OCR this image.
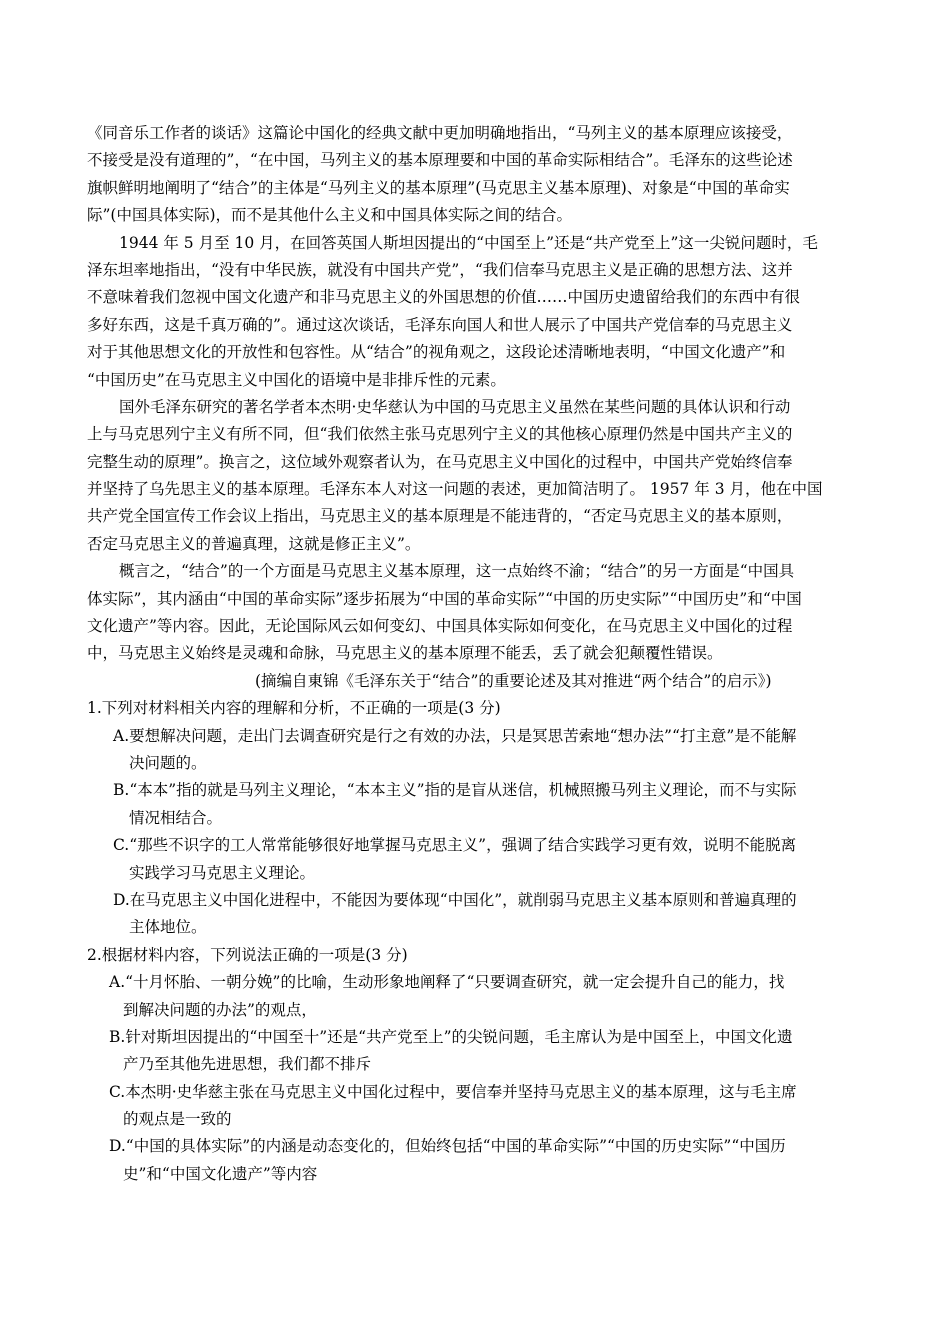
《同音乐工作者的谈话》这篇论中国化的经典文献中更加明确地指出，“马列主义的基本原理应该接受，
不接受是没有道理的”，“在中国，马列主义的基本原理要和中国的革命实际相结合”。毛泽东的这些论述
旗帜鲜明地阐明了“结合”的主体是“马列主义的基本原理”(马克思主义基本原理)、对象是“中国的革命实
际”(中国具体实际)，而不是其他什么主义和中国具体实际之间的结合。
1944 年 5 月至 10 月，在回答英国人斯坦因提出的“中国至上”还是“共产党至上”这一尖锐问题时，毛
泽东坦率地指出，“没有中华民族，就没有中国共产党”，“我们信奉马克思主义是正确的思想方法、这并
不意味着我们忽视中国文化遗产和非马克思主义的外国思想的价值……中国历史遗留给我们的东西中有很
多好东西，这是千真万确的”。通过这次谈话，毛泽东向国人和世人展示了中国共产党信奉的马克思主义
对于其他思想文化的开放性和包容性。从“结合”的视角观之，这段论述清晰地表明，“中国文化遗产”和
“中国历史”在马克思主义中国化的语境中是非排斥性的元素。
国外毛泽东研究的著名学者本杰明·史华慈认为中国的马克思主义虽然在某些问题的具体认识和行动
上与马克思列宁主义有所不同，但“我们依然主张马克思列宁主义的其他核心原理仍然是中国共产主义的
完整生动的原理”。换言之，这位域外观察者认为，在马克思主义中国化的过程中，中国共产党始终信奉
并坚持了乌先思主义的基本原理。毛泽东本人对这一问题的表述，更加简洁明了。 1957 年 3 月，他在中国
共产党全国宣传工作会议上指出，马克思主义的基本原理是不能违背的，“否定马克思主义的基本原则，
否定马克思主义的普遍真理，这就是修正主义”。
概言之，“结合”的一个方面是马克思主义基本原理，这一点始终不渝；“结合”的另一方面是“中国具
体实际”，其内涵由“中国的革命实际”逐步拓展为“中国的革命实际”“中国的历史实际”“中国历史”和“中国
文化遗产”等内容。因此，无论国际风云如何变幻、中国具体实际如何变化，在马克思主义中国化的过程
中，马克思主义始终是灵魂和命脉，马克思主义的基本原理不能丢，丢了就会犯颠覆性错误。
(摘编自東锦《毛泽东关于“结合”的重要论述及其对推进“两个结合”的启示》)
1.下列对材料相关内容的理解和分析，不正确的一项是(3 分)
A.要想解决问题，走出门去调查研究是行之有效的办法，只是冥思苦索地“想办法”“打主意”是不能解
决问题的。
B.“本本”指的就是马列主义理论，“本本主义”指的是盲从迷信，机械照搬马列主义理论，而不与实际
情况相结合。
C.“那些不识字的工人常常能够很好地掌握马克思主义”，强调了结合实践学习更有效，说明不能脱离
实践学习马克思主义理论。
D.在马克思主义中国化进程中，不能因为要体现“中国化”，就削弱马克思主义基本原则和普遍真理的
主体地位。
2.根据材料内容，下列说法正确的一项是(3 分)
A.“十月怀胎、一朝分娩”的比喻，生动形象地阐释了“只要调查研究，就一定会提升自己的能力，找
到解决问题的办法”的观点，
B.针对斯坦因提出的“中国至十”还是“共产党至上”的尖锐问题，毛主席认为是中国至上，中国文化遗
产乃至其他先进思想，我们都不排斥
C.本杰明·史华慈主张在马克思主义中国化过程中，要信奉并坚持马克思主义的基本原理，这与毛主席
的观点是一致的
D.“中国的具体实际”的内涵是动态变化的，但始终包括“中国的革命实际”“中国的历史实际”“中国历
史”和“中国文化遗产”等内容
